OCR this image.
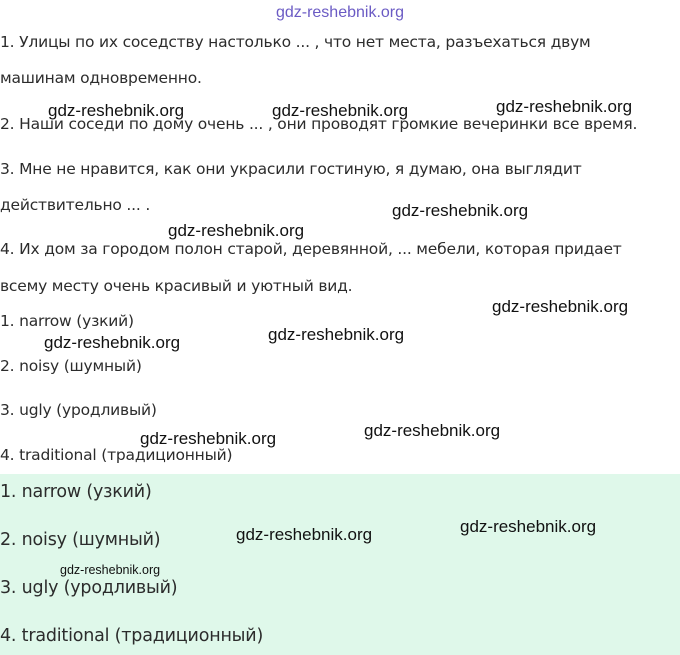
gdz-reshebnik.org

1. Улицы по их соседству настолько ... , что нет места, разъехаться двум

машинам одновременно.

2. Наши соседи по дому очень ... , они проводят громкие вечеринки все время.

3. Мне не нравится, как они украсили гостиную, я думаю, она выглядит

действительно ... .

4. Их дом за городом полон старой, деревянной, ... мебели, которая придает

всему месту очень красивый и уютный вид.

1. narrow (узкий)

2. noisy (шумный)

3. ugly (уродливый)

4. traditional (традиционный)

1. narrow (узкий)

2. noisy (шумный)

3. ugly (уродливый)

4. traditional (традиционный)

gdz-reshebnik.org	gdz-reshebnik.org	gdz-reshebnik.org
gdz-reshebnik.org
gdz-reshebnik.org
gdz-reshebnik.org
gdz-reshebnik.org
gdz-reshebnik.org
gdz-reshebnik.org
gdz-reshebnik.org
gdz-reshebnik.org
gdz-reshebnik.org
gdz-reshebnik.org
